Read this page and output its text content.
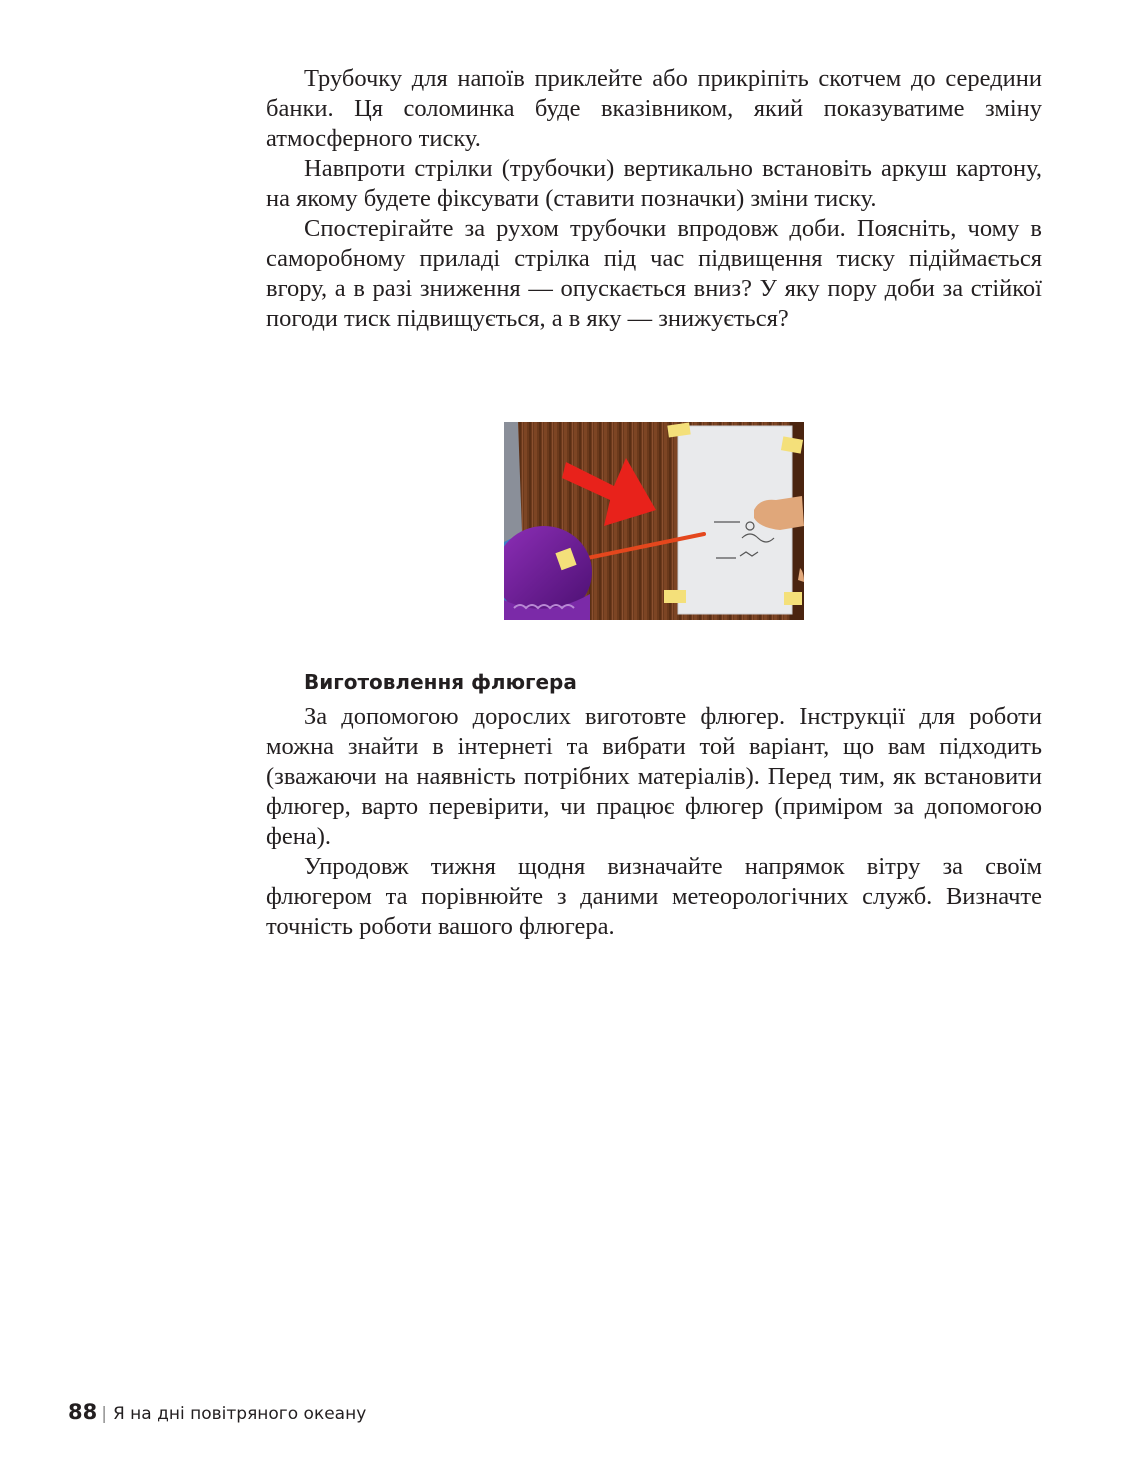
Трубочку для напоїв приклейте або прикріпіть скотчем до середини банки. Ця соломинка буде вказівником, який показуватиме зміну атмосферного тиску.

Навпроти стрілки (трубочки) вертикально встановіть аркуш картону, на якому будете фіксувати (ставити позначки) зміни тиску.

Спостерігайте за рухом трубочки впродовж доби. Поясніть, чому в саморобному приладі стрілка під час підвищення тиску підіймається вгору, а в разі зниження — опускається вниз? У яку пору доби за стійкої погоди тиск підвищується, а в яку — знижується?

Виготовлення флюгера

За допомогою дорослих виготовте флюгер. Інструкції для роботи можна знайти в інтернеті та вибрати той варіант, що вам підходить (зважаючи на наявність потрібних матеріалів). Перед тим, як встановити флюгер, варто перевірити, чи працює флюгер (приміром за допомогою фена).

Упродовж тижня щодня визначайте напрямок вітру за своїм флюгером та порівнюйте з даними метеорологічних служб. Визначте точність роботи вашого флюгера.

88 | Я на дні повітряного океану
